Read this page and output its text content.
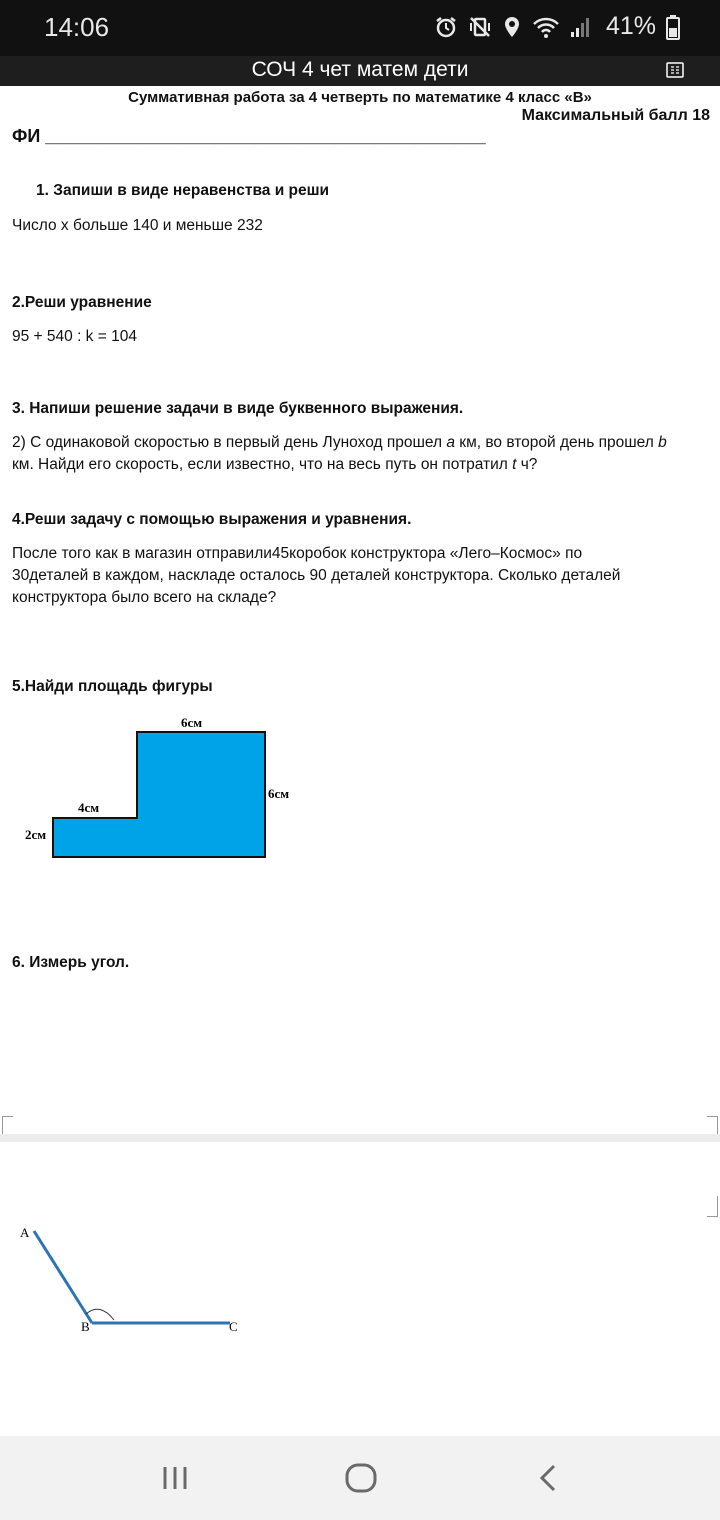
14:06	41%
СОЧ 4 чет матем дети
Суммативная работа за 4 четверть по математике 4 класс «В»
Максимальный балл 18
ФИ ____________________________________________
1. Запиши в виде неравенства и реши
Число х больше 140 и меньше 232
2.Реши уравнение
95 + 540 : k = 104
3. Напиши решение задачи в виде буквенного выражения.
2) С одинаковой скоростью в первый день Луноход прошел a км, во второй день прошел b
км. Найди его скорость, если известно, что на весь путь он потратил t ч?
4.Реши задачу с помощью выражения и уравнения.
После того как в магазин отправили45коробок конструктора «Лего–Космос» по
30деталей в каждом, наскладе осталось 90 деталей конструктора. Сколько деталей
конструктора было всего на складе?
5.Найди площадь фигуры
6см
6см
4см
2см
6. Измерь угол.
A
B	C
